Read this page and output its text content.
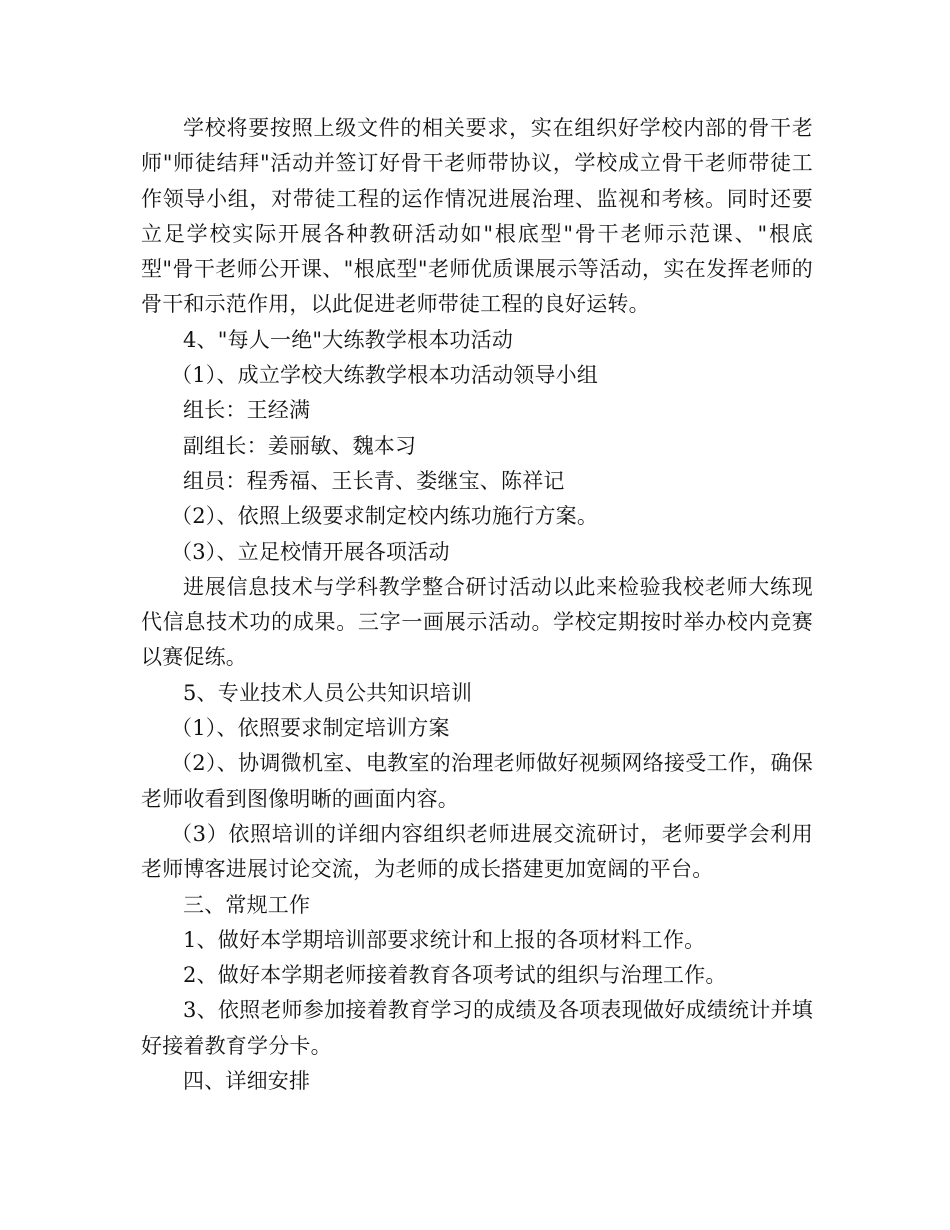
学校将要按照上级文件的相关要求，实在组织好学校内部的骨干老师"师徒结拜"活动并签订好骨干老师带协议，学校成立骨干老师带徒工作领导小组，对带徒工程的运作情况进展治理、监视和考核。同时还要立足学校实际开展各种教研活动如"根底型"骨干老师示范课、"根底型"骨干老师公开课、"根底型"老师优质课展示等活动，实在发挥老师的骨干和示范作用，以此促进老师带徒工程的良好运转。

4、"每人一绝"大练教学根本功活动

（1）、成立学校大练教学根本功活动领导小组

组长：王经满

副组长：姜丽敏、魏本习

组员：程秀福、王长青、娄继宝、陈祥记

（2）、依照上级要求制定校内练功施行方案。

（3）、立足校情开展各项活动

进展信息技术与学科教学整合研讨活动以此来检验我校老师大练现代信息技术功的成果。三字一画展示活动。学校定期按时举办校内竞赛以赛促练。

5、专业技术人员公共知识培训

（1）、依照要求制定培训方案

（2）、协调微机室、电教室的治理老师做好视频网络接受工作，确保老师收看到图像明晰的画面内容。

（3）依照培训的详细内容组织老师进展交流研讨，老师要学会利用老师博客进展讨论交流，为老师的成长搭建更加宽阔的平台。

三、常规工作

1、做好本学期培训部要求统计和上报的各项材料工作。

2、做好本学期老师接着教育各项考试的组织与治理工作。

3、依照老师参加接着教育学习的成绩及各项表现做好成绩统计并填好接着教育学分卡。

四、详细安排
